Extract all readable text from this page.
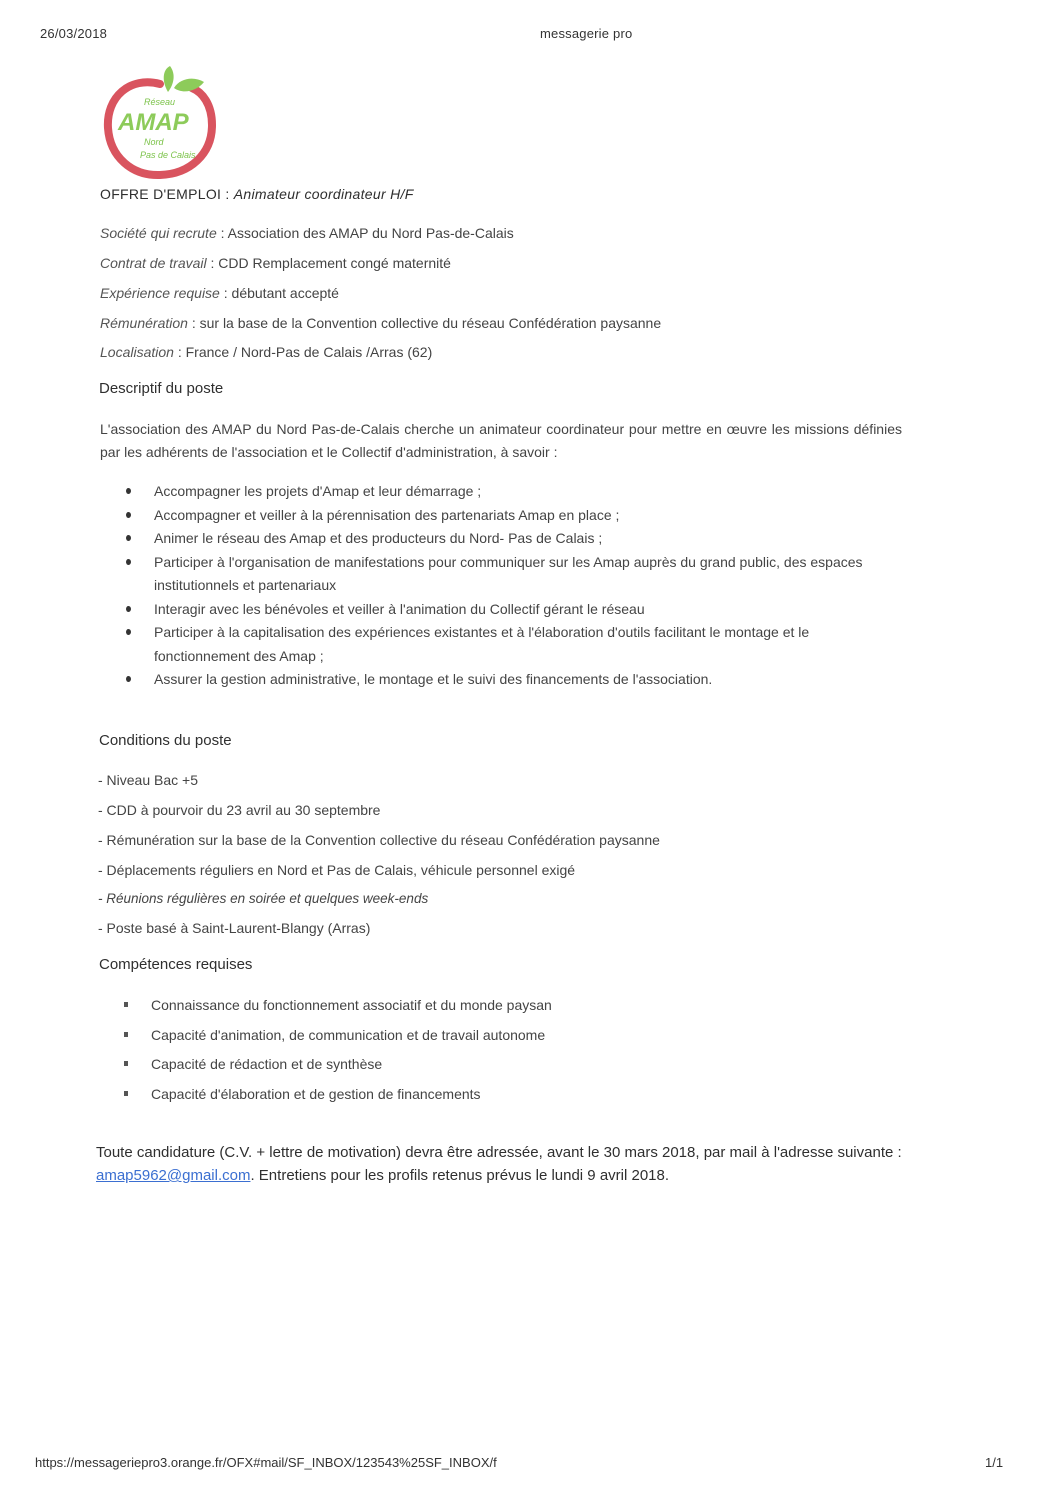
26/03/2018	messagerie pro
Réseau
AMAP
Nord
Pas de Calais
OFFRE D'EMPLOI : Animateur coordinateur H/F
Société qui recrute : Association des AMAP du Nord Pas-de-Calais
Contrat de travail : CDD Remplacement congé maternité
Expérience requise : débutant accepté
Rémunération : sur la base de la Convention collective du réseau Confédération paysanne
Localisation : France / Nord-Pas de Calais /Arras (62)
Descriptif du poste
L'association des AMAP du Nord Pas-de-Calais cherche un animateur coordinateur pour mettre en œuvre les missions définies par les adhérents de l'association et le Collectif d'administration, à savoir :
Accompagner les projets d'Amap et leur démarrage ;
Accompagner et veiller à la pérennisation des partenariats Amap en place ;
Animer le réseau des Amap et des producteurs du Nord- Pas de Calais ;
Participer à l'organisation de manifestations pour communiquer sur les Amap auprès du grand public, des espaces institutionnels et partenariaux
Interagir avec les bénévoles et veiller à l'animation du Collectif gérant le réseau
Participer à la capitalisation des expériences existantes et à l'élaboration d'outils facilitant le montage et le fonctionnement des Amap ;
Assurer la gestion administrative, le montage et le suivi des financements de l'association.
Conditions du poste
- Niveau Bac +5
- CDD à pourvoir du 23 avril au 30 septembre
- Rémunération sur la base de la Convention collective du réseau Confédération paysanne
- Déplacements réguliers en Nord et Pas de Calais, véhicule personnel exigé
- Réunions régulières en soirée et quelques week-ends
- Poste basé à Saint-Laurent-Blangy (Arras)
Compétences requises
Connaissance du fonctionnement associatif et du monde paysan
Capacité d'animation, de communication et de travail autonome
Capacité de rédaction et de synthèse
Capacité d'élaboration et de gestion de financements
Toute candidature (C.V. + lettre de motivation) devra être adressée, avant le 30 mars 2018, par mail à l'adresse suivante : amap5962@gmail.com. Entretiens pour les profils retenus prévus le lundi 9 avril 2018.
https://messageriepro3.orange.fr/OFX#mail/SF_INBOX/123543%25SF_INBOX/f	1/1
